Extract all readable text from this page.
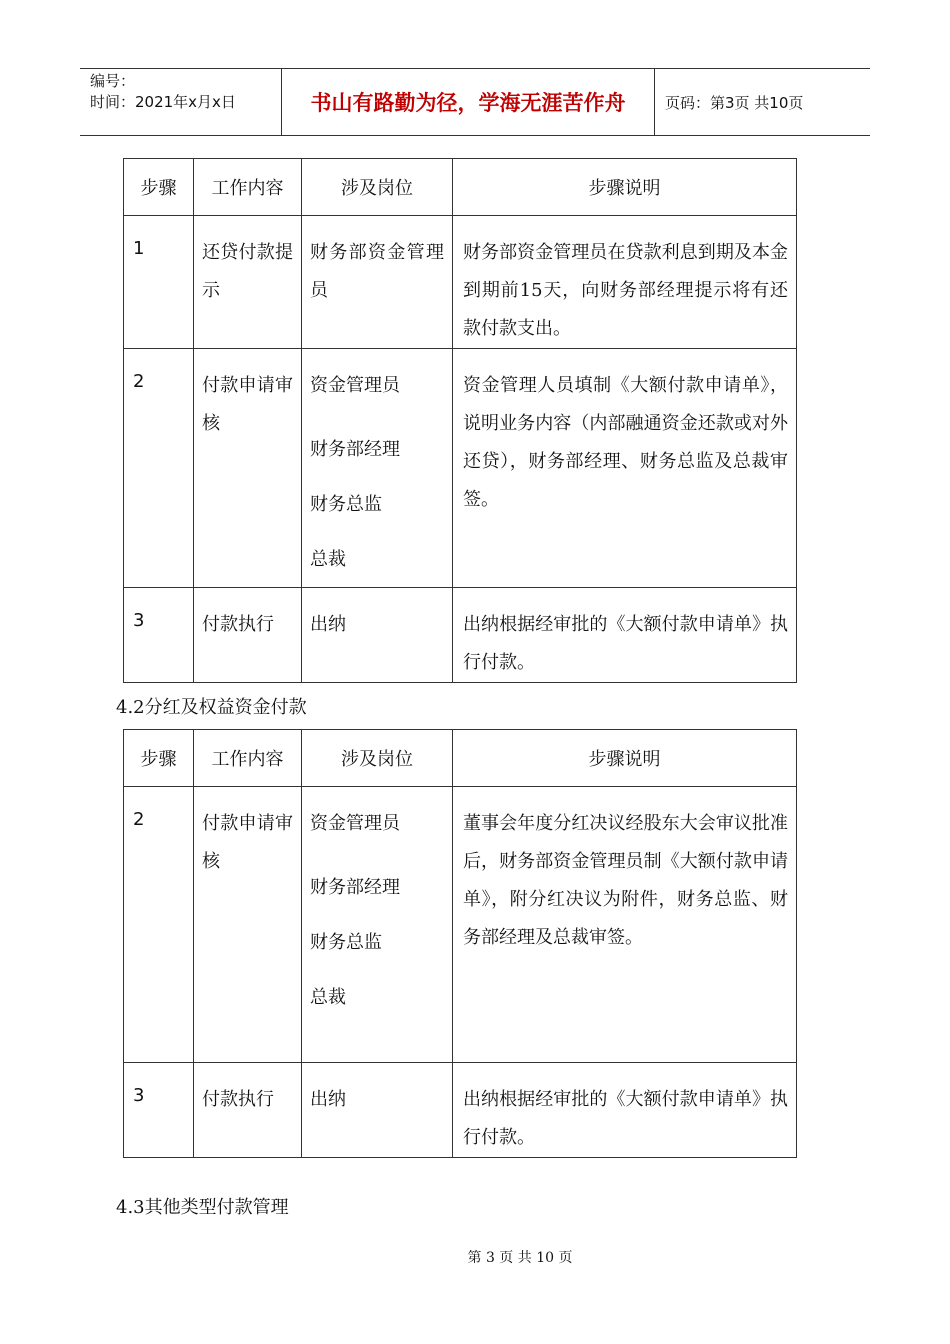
编号：
时间：2021年x月x日	书山有路勤为径，学海无涯苦作舟	页码：第3页 共10页
步骤	工作内容	涉及岗位	步骤说明
1	还贷付款提示	财务部资金管理员	财务部资金管理员在贷款利息到期及本金到期前15天，向财务部经理提示将有还款付款支出。
2	付款申请审核	资金管理员
财务部经理
财务总监
总裁	资金管理人员填制《大额付款申请单》，说明业务内容（内部融通资金还款或对外还贷），财务部经理、财务总监及总裁审签。
3	付款执行	出纳	出纳根据经审批的《大额付款申请单》执行付款。
4.2分红及权益资金付款
步骤	工作内容	涉及岗位	步骤说明
2	付款申请审核	资金管理员
财务部经理
财务总监
总裁	董事会年度分红决议经股东大会审议批准后，财务部资金管理员制《大额付款申请单》，附分红决议为附件，财务总监、财务部经理及总裁审签。
3	付款执行	出纳	出纳根据经审批的《大额付款申请单》执行付款。
4.3其他类型付款管理
第 3 页 共 10 页
